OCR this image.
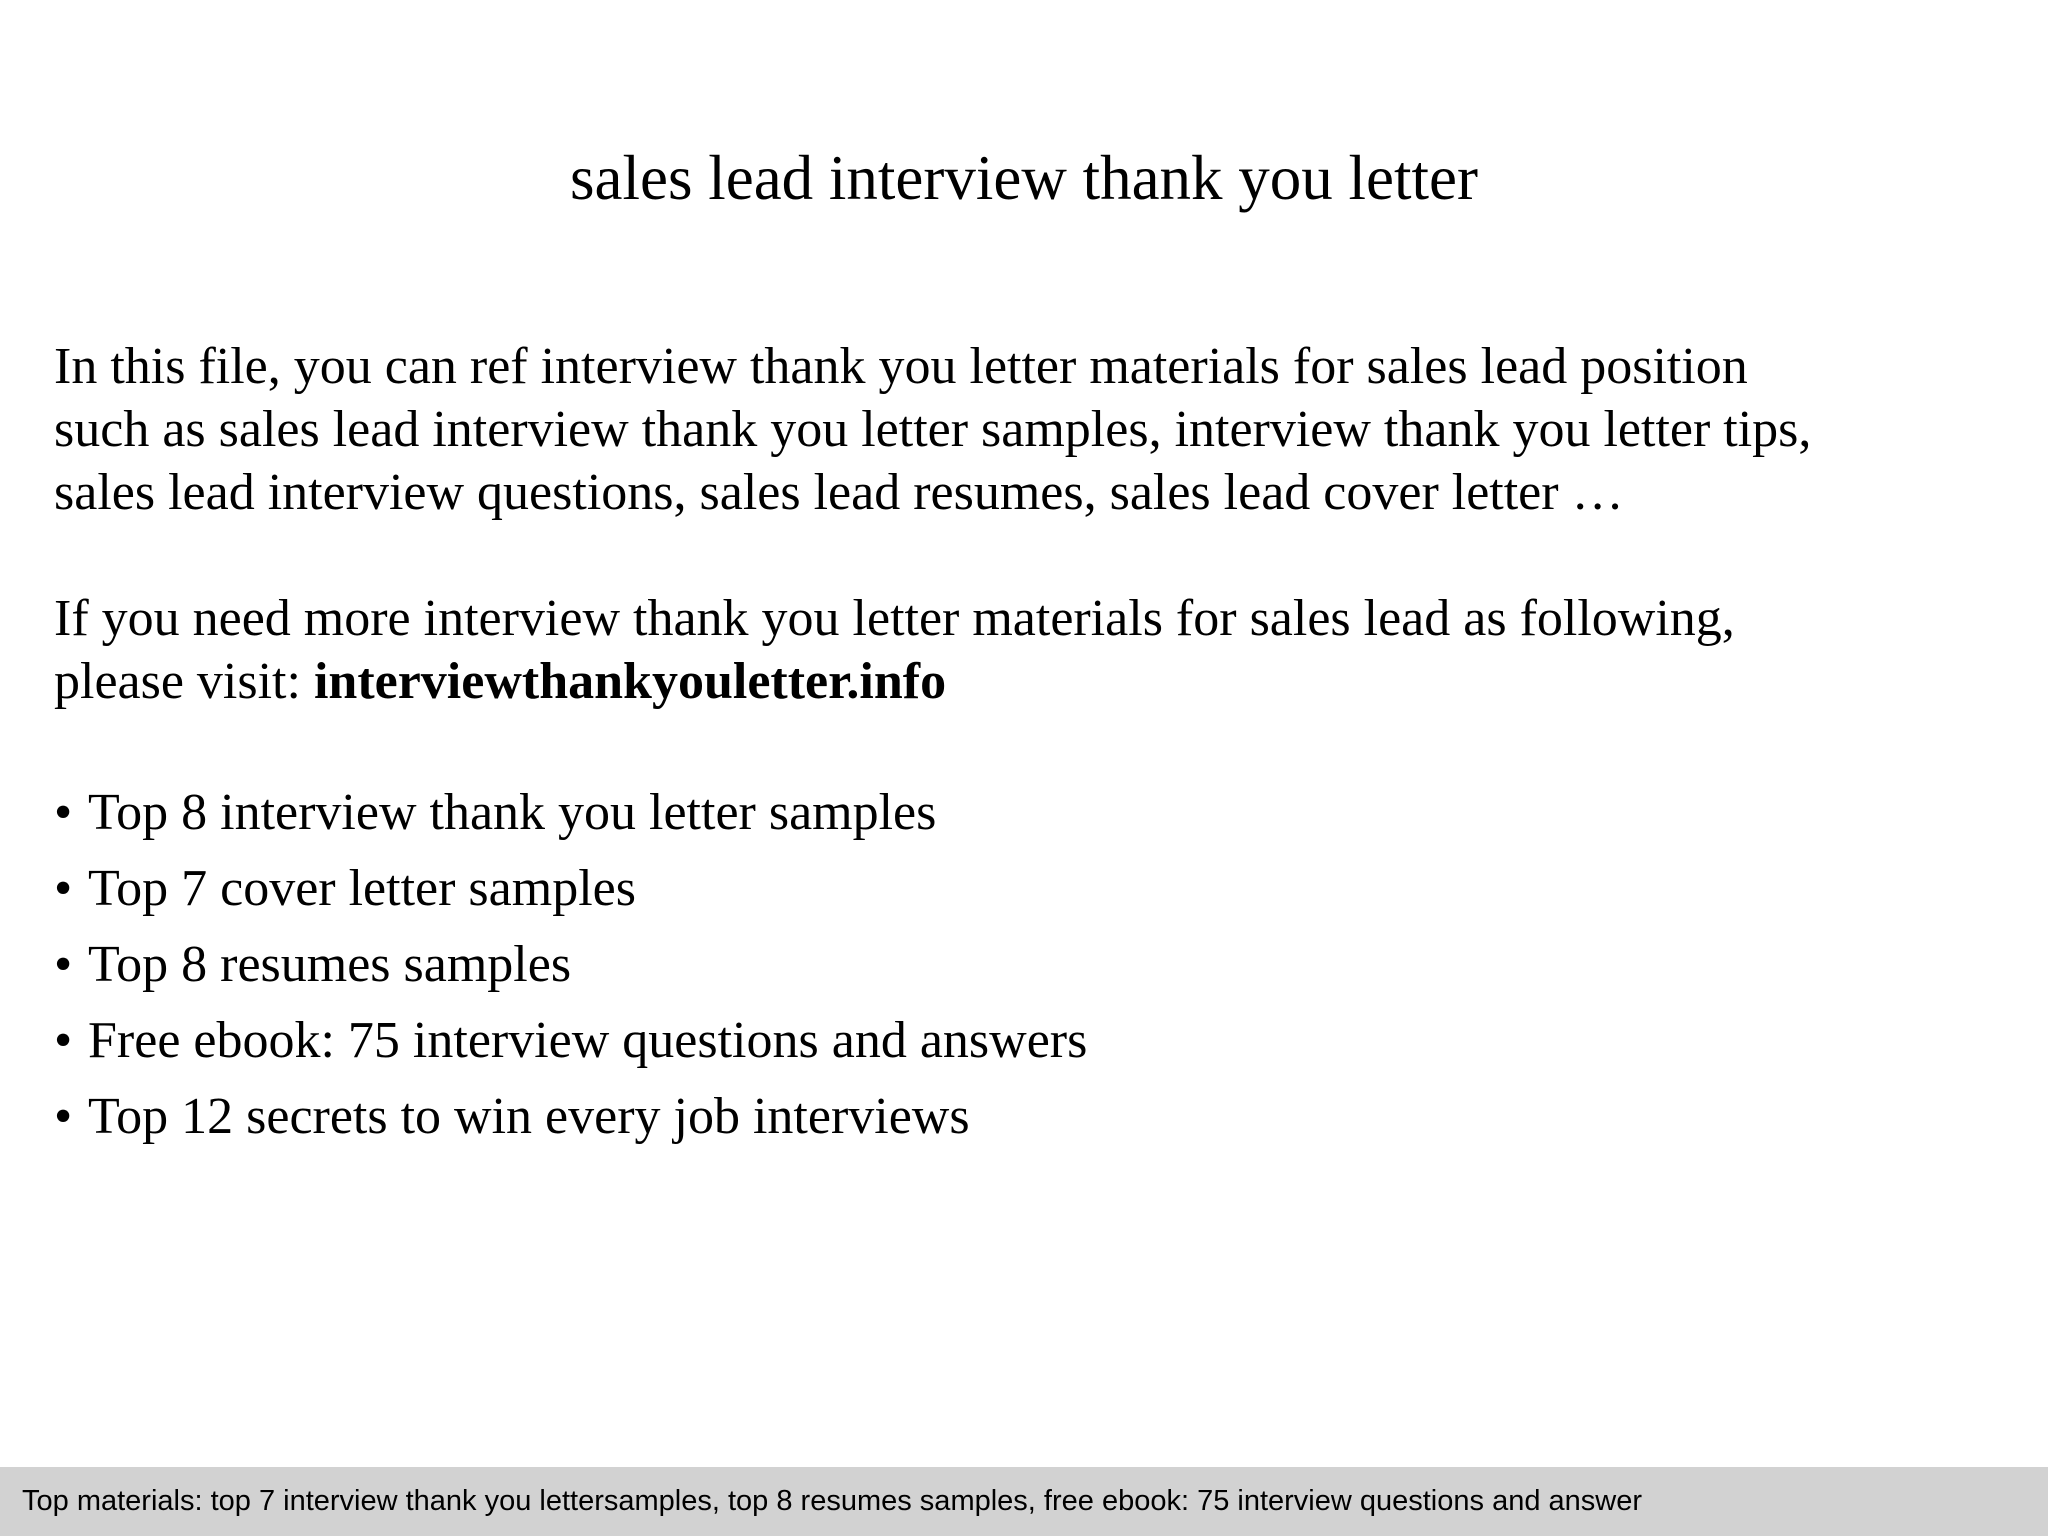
sales lead interview thank you letter
In this file, you can ref interview thank you letter materials for sales lead position
such as sales lead interview thank you letter samples, interview thank you letter tips,
sales lead interview questions, sales lead resumes, sales lead cover letter …
If you need more interview thank you letter materials for sales lead as following,
please visit: interviewthankyouletter.info
• Top 8 interview thank you letter samples
• Top 7 cover letter samples
• Top 8 resumes samples
• Free ebook: 75 interview questions and answers
• Top 12 secrets to win every job interviews
Top materials: top 7 interview thank you lettersamples, top 8 resumes samples, free ebook: 75 interview questions and answer
